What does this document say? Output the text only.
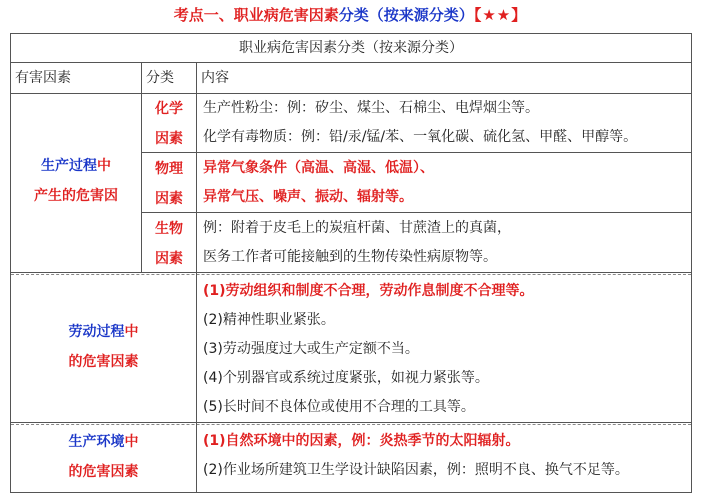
考点一、职业病危害因素分类（按来源分类）【★★】
职业病危害因素分类（按来源分类）
有害因素	分类	内容
生产过程中
产生的危害因
化学
因素
生产性粉尘：例：矽尘、煤尘、石棉尘、电焊烟尘等。
化学有毒物质：例：铅/汞/锰/苯、一氧化碳、硫化氢、甲醛、甲醇等。
物理
因素
异常气象条件（高温、高湿、低温）、
异常气压、噪声、振动、辐射等。
生物
因素
例：附着于皮毛上的炭疽杆菌、甘蔗渣上的真菌，
医务工作者可能接触到的生物传染性病原物等。
劳动过程中
的危害因素
(1)劳动组织和制度不合理，劳动作息制度不合理等。
(2)精神性职业紧张。
(3)劳动强度过大或生产定额不当。
(4)个别器官或系统过度紧张，如视力紧张等。
(5)长时间不良体位或使用不合理的工具等。
生产环境中
的危害因素
(1)自然环境中的因素，例：炎热季节的太阳辐射。
(2)作业场所建筑卫生学设计缺陷因素，例：照明不良、换气不足等。
